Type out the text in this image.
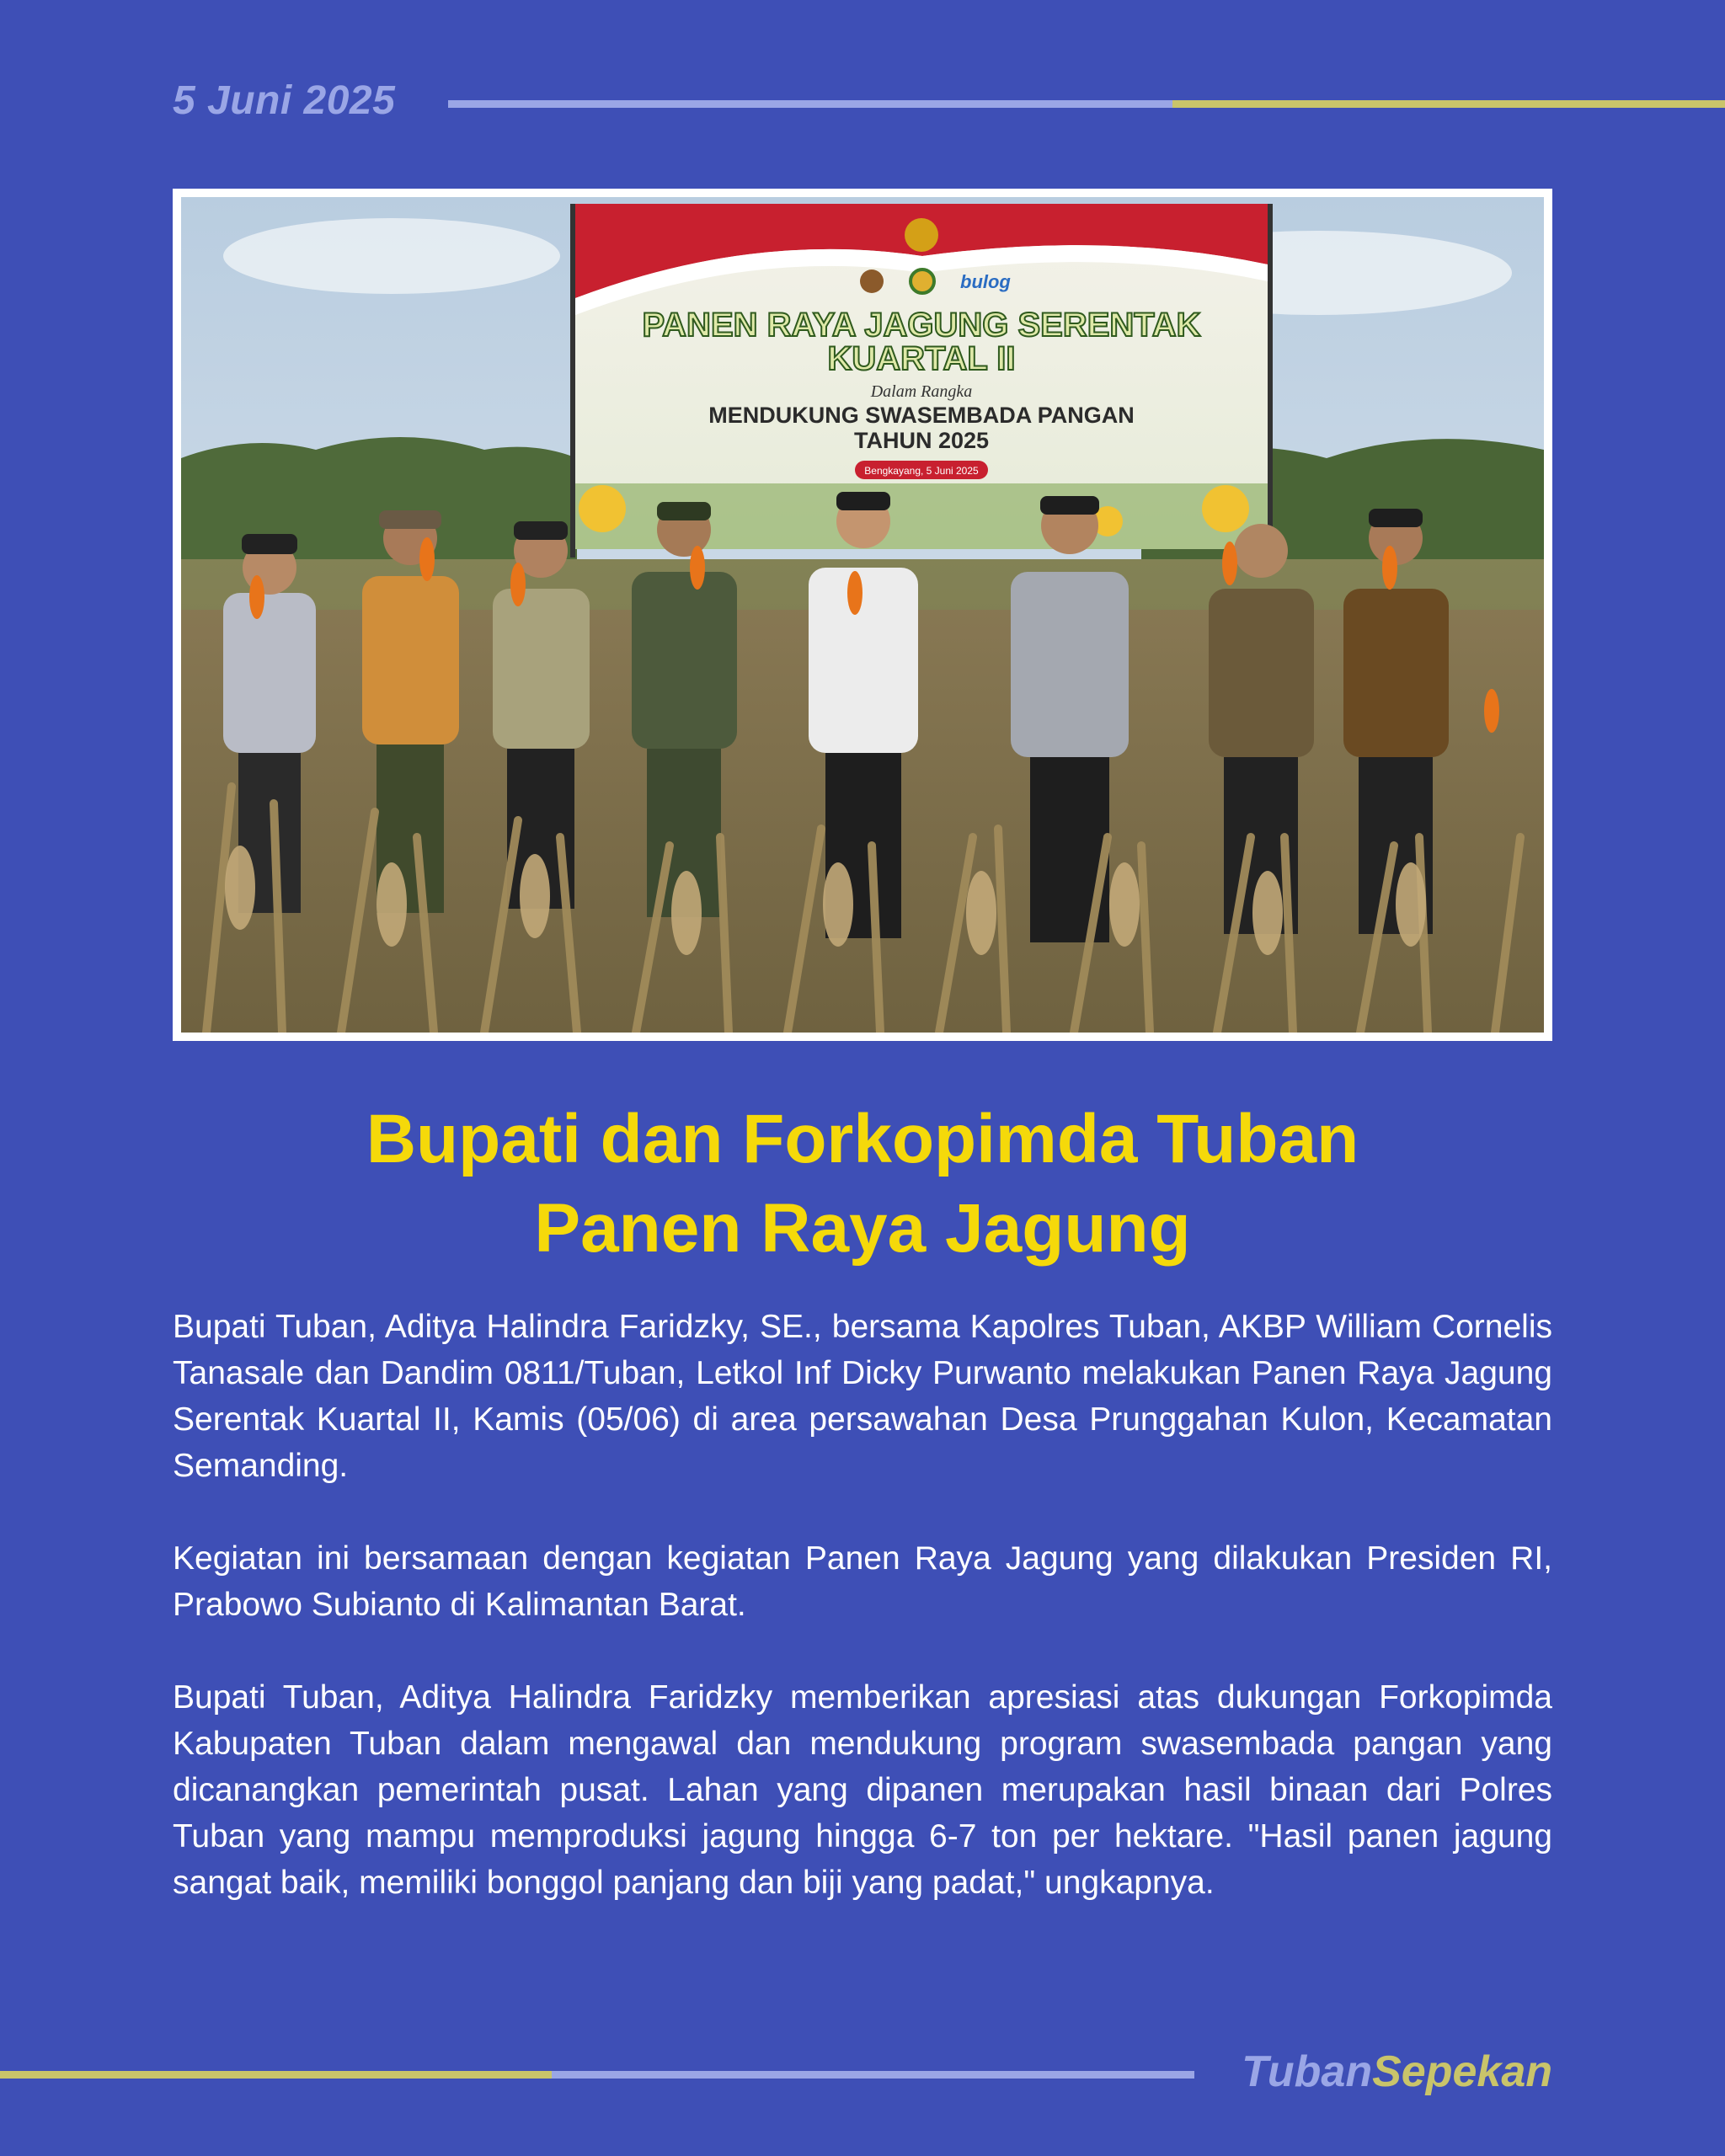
5 Juni 2025
bulog
PANEN RAYA JAGUNG SERENTAK
KUARTAL II
Dalam Rangka
MENDUKUNG SWASEMBADA PANGAN
TAHUN 2025
Bengkayang, 5 Juni 2025
Bupati dan Forkopimda Tuban
Panen Raya Jagung

Bupati Tuban, Aditya Halindra Faridzky, SE., bersama Kapolres Tuban, AKBP William Cornelis Tanasale dan Dandim 0811/Tuban, Letkol Inf Dicky Purwanto melakukan Panen Raya Jagung Serentak Kuartal II, Kamis (05/06) di area persawahan Desa Prunggahan Kulon, Kecamatan Semanding.

Kegiatan ini bersamaan dengan kegiatan Panen Raya Jagung yang dilakukan Presiden RI, Prabowo Subianto di Kalimantan Barat.

Bupati Tuban, Aditya Halindra Faridzky memberikan apresiasi atas dukungan Forkopimda Kabupaten Tuban dalam mengawal dan mendukung program swasembada pangan yang dicanangkan pemerintah pusat. Lahan yang dipanen merupakan hasil binaan dari Polres Tuban yang mampu memproduksi jagung hingga 6-7 ton per hektare. "Hasil panen jagung sangat baik, memiliki bonggol panjang dan biji yang padat," ungkapnya.

TubanSepekan
